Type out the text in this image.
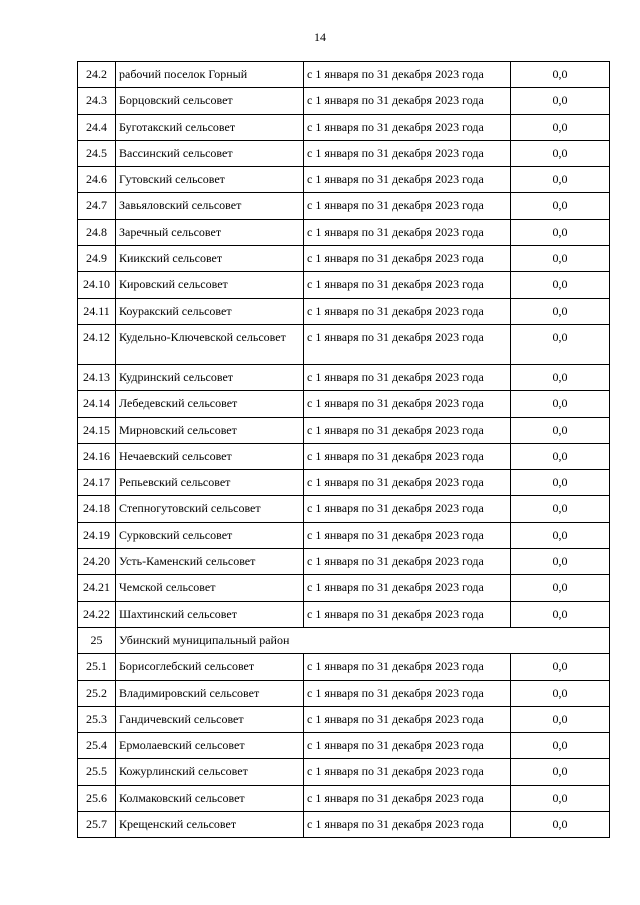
14
24.2	рабочий поселок Горный	с 1 января по 31 декабря 2023 года	0,0
24.3	Борцовский сельсовет	с 1 января по 31 декабря 2023 года	0,0
24.4	Буготакский сельсовет	с 1 января по 31 декабря 2023 года	0,0
24.5	Вассинский сельсовет	с 1 января по 31 декабря 2023 года	0,0
24.6	Гутовский сельсовет	с 1 января по 31 декабря 2023 года	0,0
24.7	Завьяловский сельсовет	с 1 января по 31 декабря 2023 года	0,0
24.8	Заречный сельсовет	с 1 января по 31 декабря 2023 года	0,0
24.9	Киикский сельсовет	с 1 января по 31 декабря 2023 года	0,0
24.10	Кировский сельсовет	с 1 января по 31 декабря 2023 года	0,0
24.11	Коуракский сельсовет	с 1 января по 31 декабря 2023 года	0,0
24.12	Кудельно-Ключевской сельсовет	с 1 января по 31 декабря 2023 года	0,0
24.13	Кудринский сельсовет	с 1 января по 31 декабря 2023 года	0,0
24.14	Лебедевский сельсовет	с 1 января по 31 декабря 2023 года	0,0
24.15	Мирновский сельсовет	с 1 января по 31 декабря 2023 года	0,0
24.16	Нечаевский сельсовет	с 1 января по 31 декабря 2023 года	0,0
24.17	Репьевский сельсовет	с 1 января по 31 декабря 2023 года	0,0
24.18	Степногутовский сельсовет	с 1 января по 31 декабря 2023 года	0,0
24.19	Сурковский сельсовет	с 1 января по 31 декабря 2023 года	0,0
24.20	Усть-Каменский сельсовет	с 1 января по 31 декабря 2023 года	0,0
24.21	Чемской сельсовет	с 1 января по 31 декабря 2023 года	0,0
24.22	Шахтинский сельсовет	с 1 января по 31 декабря 2023 года	0,0
25	Убинский муниципальный район		
25.1	Борисоглебский сельсовет	с 1 января по 31 декабря 2023 года	0,0
25.2	Владимировский сельсовет	с 1 января по 31 декабря 2023 года	0,0
25.3	Гандичевский сельсовет	с 1 января по 31 декабря 2023 года	0,0
25.4	Ермолаевский сельсовет	с 1 января по 31 декабря 2023 года	0,0
25.5	Кожурлинский сельсовет	с 1 января по 31 декабря 2023 года	0,0
25.6	Колмаковский сельсовет	с 1 января по 31 декабря 2023 года	0,0
25.7	Крещенский сельсовет	с 1 января по 31 декабря 2023 года	0,0
